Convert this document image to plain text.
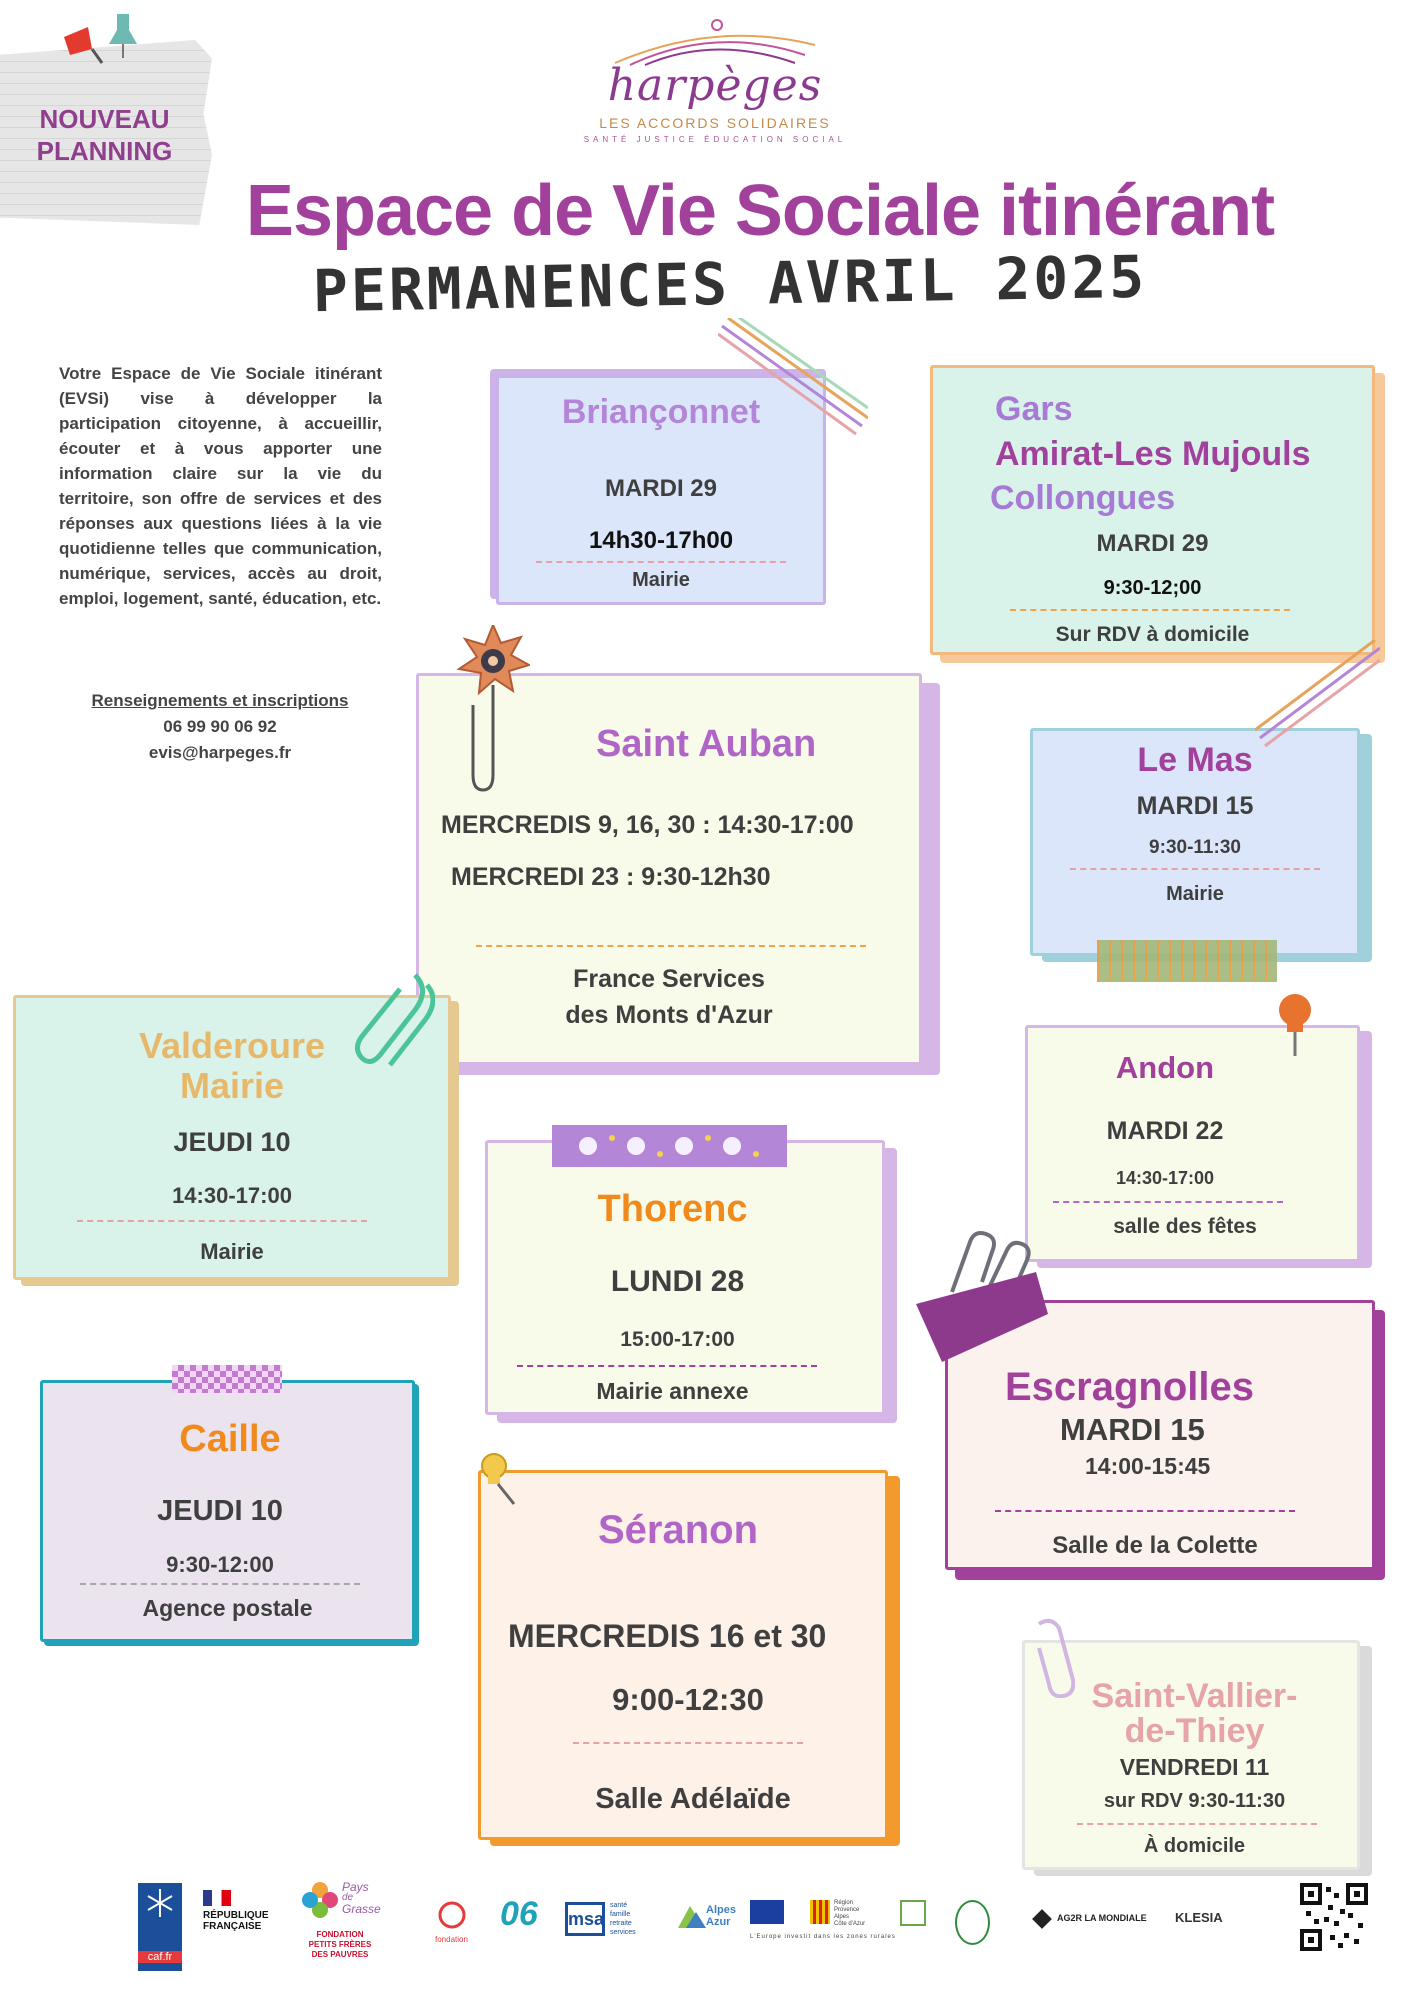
NOUVEAU
PLANNING
harpèges
LES ACCORDS SOLIDAIRES
SANTÉ JUSTICE ÉDUCATION SOCIAL
Espace de Vie Sociale itinérant
PERMANENCES AVRIL 2025
Votre Espace de Vie Sociale itinérant (EVSi) vise à développer la participation citoyenne, à accueillir, écouter et à vous apporter une information claire sur la vie du territoire, son offre de services et des réponses aux questions liées à la vie quotidienne telles que communication, numérique, services, accès au droit, emploi, logement, santé, éducation, etc.
Renseignements et inscriptions
06 99 90 06 92
evis@harpeges.fr
Briançonnet
MARDI 29
14h30-17h00
Mairie
Gars
Amirat-Les Mujouls
Collongues
MARDI 29
9:30-12;00
Sur RDV à domicile
Saint Auban
MERCREDIS 9, 16, 30 : 14:30-17:00
MERCREDI 23 : 9:30-12h30
France Services
des Monts d'Azur
Le Mas
MARDI 15
9:30-11:30
Mairie
Valderoure
Mairie
JEUDI 10
14:30-17:00
Mairie
Andon
MARDI 22
14:30-17:00
salle des fêtes
Thorenc
LUNDI 28
15:00-17:00
Mairie annexe	Escragnolles
MARDI 15
14:00-15:45
Salle de la Colette
Caille
JEUDI 10
9:30-12:00
Agence postale
Séranon
MERCREDIS 16 et 30
9:00-12:30
Salle Adélaïde
Saint-Vallier-
de-Thiey
VENDREDI 11
sur RDV 9:30-11:30
À domicile
caf.fr
RÉPUBLIQUE
FRANÇAISE
Pays
de
Grasse
FONDATION
PETITS FRÈRES
DES PAUVRES
fondation
06 msa
santé
famille
retraite
services
Alpes Azur
Région
Provence
Alpes
Côte d'Azur
L'Europe investit dans les zones rurales
AG2R LA MONDIALE KLESIA
